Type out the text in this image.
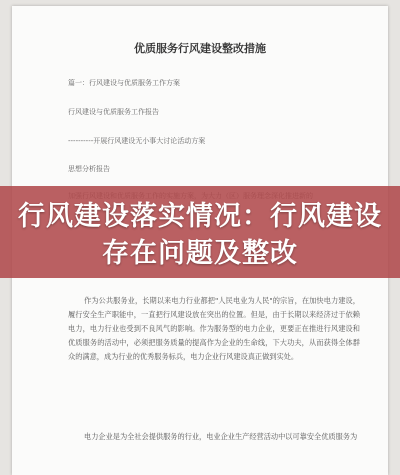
优质服务行风建设整改措施
篇一：行风建设与优质服务工作方案
行风建设与优质服务工作报告
----------开展行风建设无小事大讨论活动方案
思想分析报告
作为公共服务业，长期以来电力行业都把"人民电业为人民"的宗旨，在加快电力建设，履行安全生产职能中，一直把行风建设放在突出的位置。但是，由于长期以来经济过于依赖电力，电力行业也受到不良风气的影响。作为服务型的电力企业，更要正在推进行风建设和优质服务的活动中，必须把服务质量的提高作为企业的生命线，下大功夫，从而获得全体群众的满意，成为行业的优秀服务标兵，电力企业行风建设真正做到实处。
电力企业是为全社会提供服务的行业，电业企业生产经营活动中以可靠安全优质服务为
行风建设落实情况：行风建设存在问题及整改
